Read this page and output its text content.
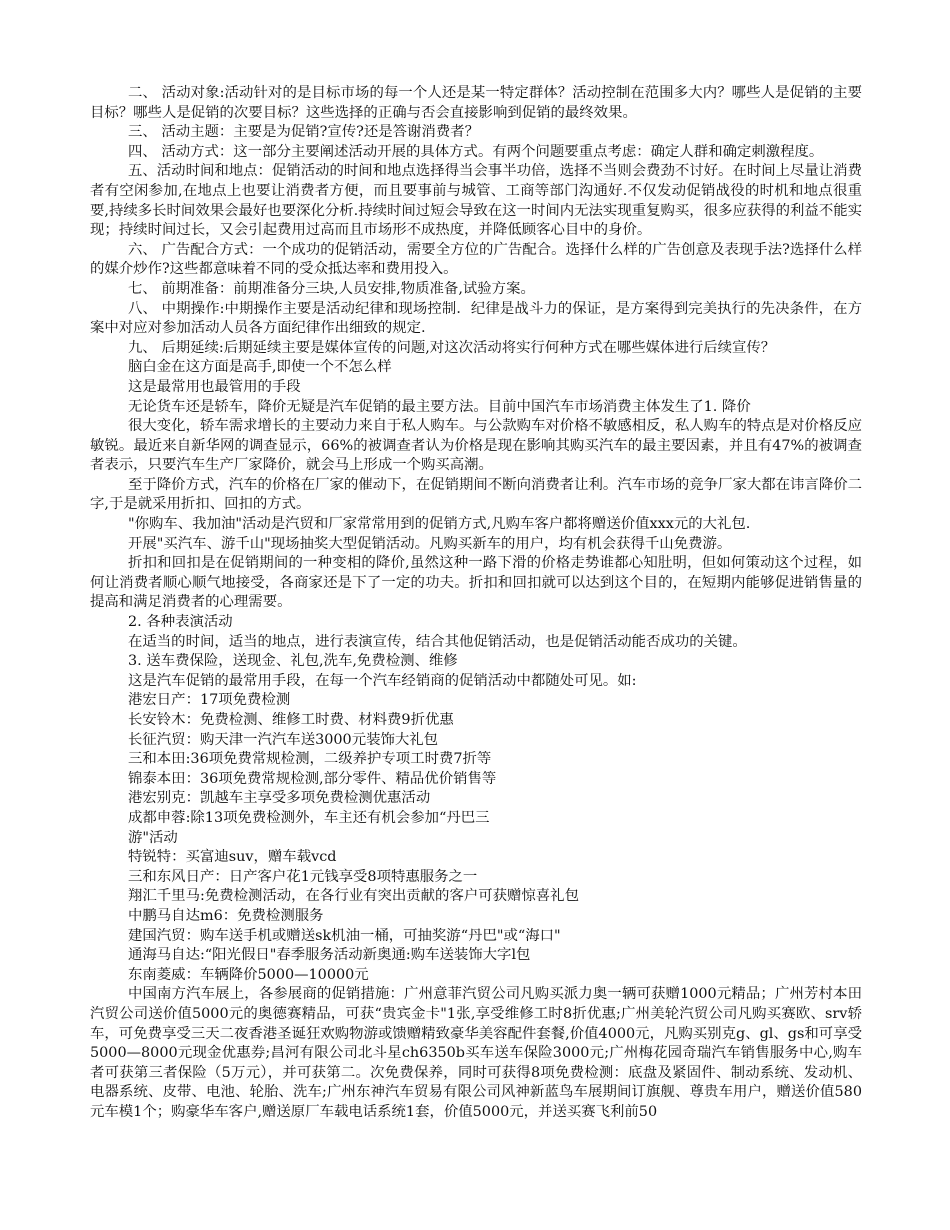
二、 活动对象:活动针对的是目标市场的每一个人还是某一特定群体？活动控制在范围多大内？哪些人是促销的主要目标？哪些人是促销的次要目标？这些选择的正确与否会直接影响到促销的最终效果。

三、 活动主题：主要是为促销?宣传?还是答谢消费者？

四、 活动方式：这一部分主要阐述活动开展的具体方式。有两个问题要重点考虑：确定人群和确定刺激程度。

五、活动时间和地点：促销活动的时间和地点选择得当会事半功倍，选择不当则会费劲不讨好。在时间上尽量让消费者有空闲参加,在地点上也要让消费者方便，而且要事前与城管、工商等部门沟通好.不仅发动促销战役的时机和地点很重要,持续多长时间效果会最好也要深化分析.持续时间过短会导致在这一时间内无法实现重复购买，很多应获得的利益不能实现；持续时间过长，又会引起费用过高而且市场形不成热度，并降低顾客心目中的身价。

六、 广告配合方式：一个成功的促销活动，需要全方位的广告配合。选择什么样的广告创意及表现手法?选择什么样的媒介炒作?这些都意味着不同的受众抵达率和费用投入。

七、 前期准备：前期准备分三块,人员安排,物质准备,试验方案。

八、 中期操作:中期操作主要是活动纪律和现场控制．纪律是战斗力的保证，是方案得到完美执行的先决条件，在方案中对应对参加活动人员各方面纪律作出细致的规定.

九、 后期延续:后期延续主要是媒体宣传的问题,对这次活动将实行何种方式在哪些媒体进行后续宣传？

脑白金在这方面是高手,即使一个不怎么样

这是最常用也最管用的手段

无论货车还是轿车，降价无疑是汽车促销的最主要方法。目前中国汽车市场消费主体发生了1. 降价

很大变化，轿车需求增长的主要动力来自于私人购车。与公款购车对价格不敏感相反，私人购车的特点是对价格反应敏锐。最近来自新华网的调查显示，66%的被调查者认为价格是现在影响其购买汽车的最主要因素，并且有47%的被调查者表示，只要汽车生产厂家降价，就会马上形成一个购买高潮。

至于降价方式，汽车的价格在厂家的催动下，在促销期间不断向消费者让利。汽车市场的竞争厂家大都在讳言降价二字,于是就采用折扣、回扣的方式。

"你购车、我加油"活动是汽贸和厂家常常用到的促销方式,凡购车客户都将赠送价值xxx元的大礼包.

开展"买汽车、游千山"现场抽奖大型促销活动。凡购买新车的用户，均有机会获得千山免费游。

折扣和回扣是在促销期间的一种变相的降价,虽然这种一路下滑的价格走势谁都心知肚明，但如何策动这个过程，如何让消费者顺心顺气地接受，各商家还是下了一定的功夫。折扣和回扣就可以达到这个目的，在短期内能够促进销售量的提高和满足消费者的心理需要。

2. 各种表演活动

在适当的时间，适当的地点，进行表演宣传，结合其他促销活动，也是促销活动能否成功的关键。

3. 送车费保险，送现金、礼包,洗车,免费检测、维修

这是汽车促销的最常用手段，在每一个汽车经销商的促销活动中都随处可见。如:

港宏日产：17项免费检测

长安铃木：免费检测、维修工时费、材料费9折优惠

长征汽贸：购天津一汽汽车送3000元装饰大礼包

三和本田:36项免费常规检测，二级养护专项工时费7折等

锦泰本田：36项免费常规检测,部分零件、精品优价销售等

港宏别克：凯越车主享受多项免费检测优惠活动

成都申蓉:除13项免费检测外，车主还有机会参加“丹巴三

游"活动

特锐特：买富迪suv，赠车载vcd

三和东风日产：日产客户花1元钱享受8项特惠服务之一

翔汇千里马:免费检测活动，在各行业有突出贡献的客户可获赠惊喜礼包

中鹏马自达m6：免费检测服务

建国汽贸：购车送手机或赠送sk机油一桶，可抽奖游“丹巴"或“海口"

通海马自达:“阳光假日"春季服务活动新奥通:购车送装饰大字l包

东南菱威：车辆降价5000—10000元

中国南方汽车展上，各参展商的促销措施：广州意菲汽贸公司凡购买派力奥一辆可获赠1000元精品；广州芳村本田汽贸公司送价值5000元的奥德赛精品，可获“贵宾金卡"1张,享受维修工时8折优惠;广州美轮汽贸公司凡购买赛欧、srv轿车，可免费享受三天二夜香港圣诞狂欢购物游或馈赠精致豪华美容配件套餐,价值4000元，凡购买别克g、gl、gs和可享受5000—8000元现金优惠券;昌河有限公司北斗星ch6350b买车送车保险3000元;广州梅花园奇瑞汽车销售服务中心,购车者可获第三者保险（5万元），并可获第二。次免费保养，同时可获得8项免费检测：底盘及紧固件、制动系统、发动机、电器系统、皮带、电池、轮胎、洗车;广州东神汽车贸易有限公司风神新蓝鸟车展期间订旗舰、尊贵车用户，赠送价值580元车模1个；购豪华车客户,赠送原厂车载电话系统1套，价值5000元，并送买赛飞利前50
